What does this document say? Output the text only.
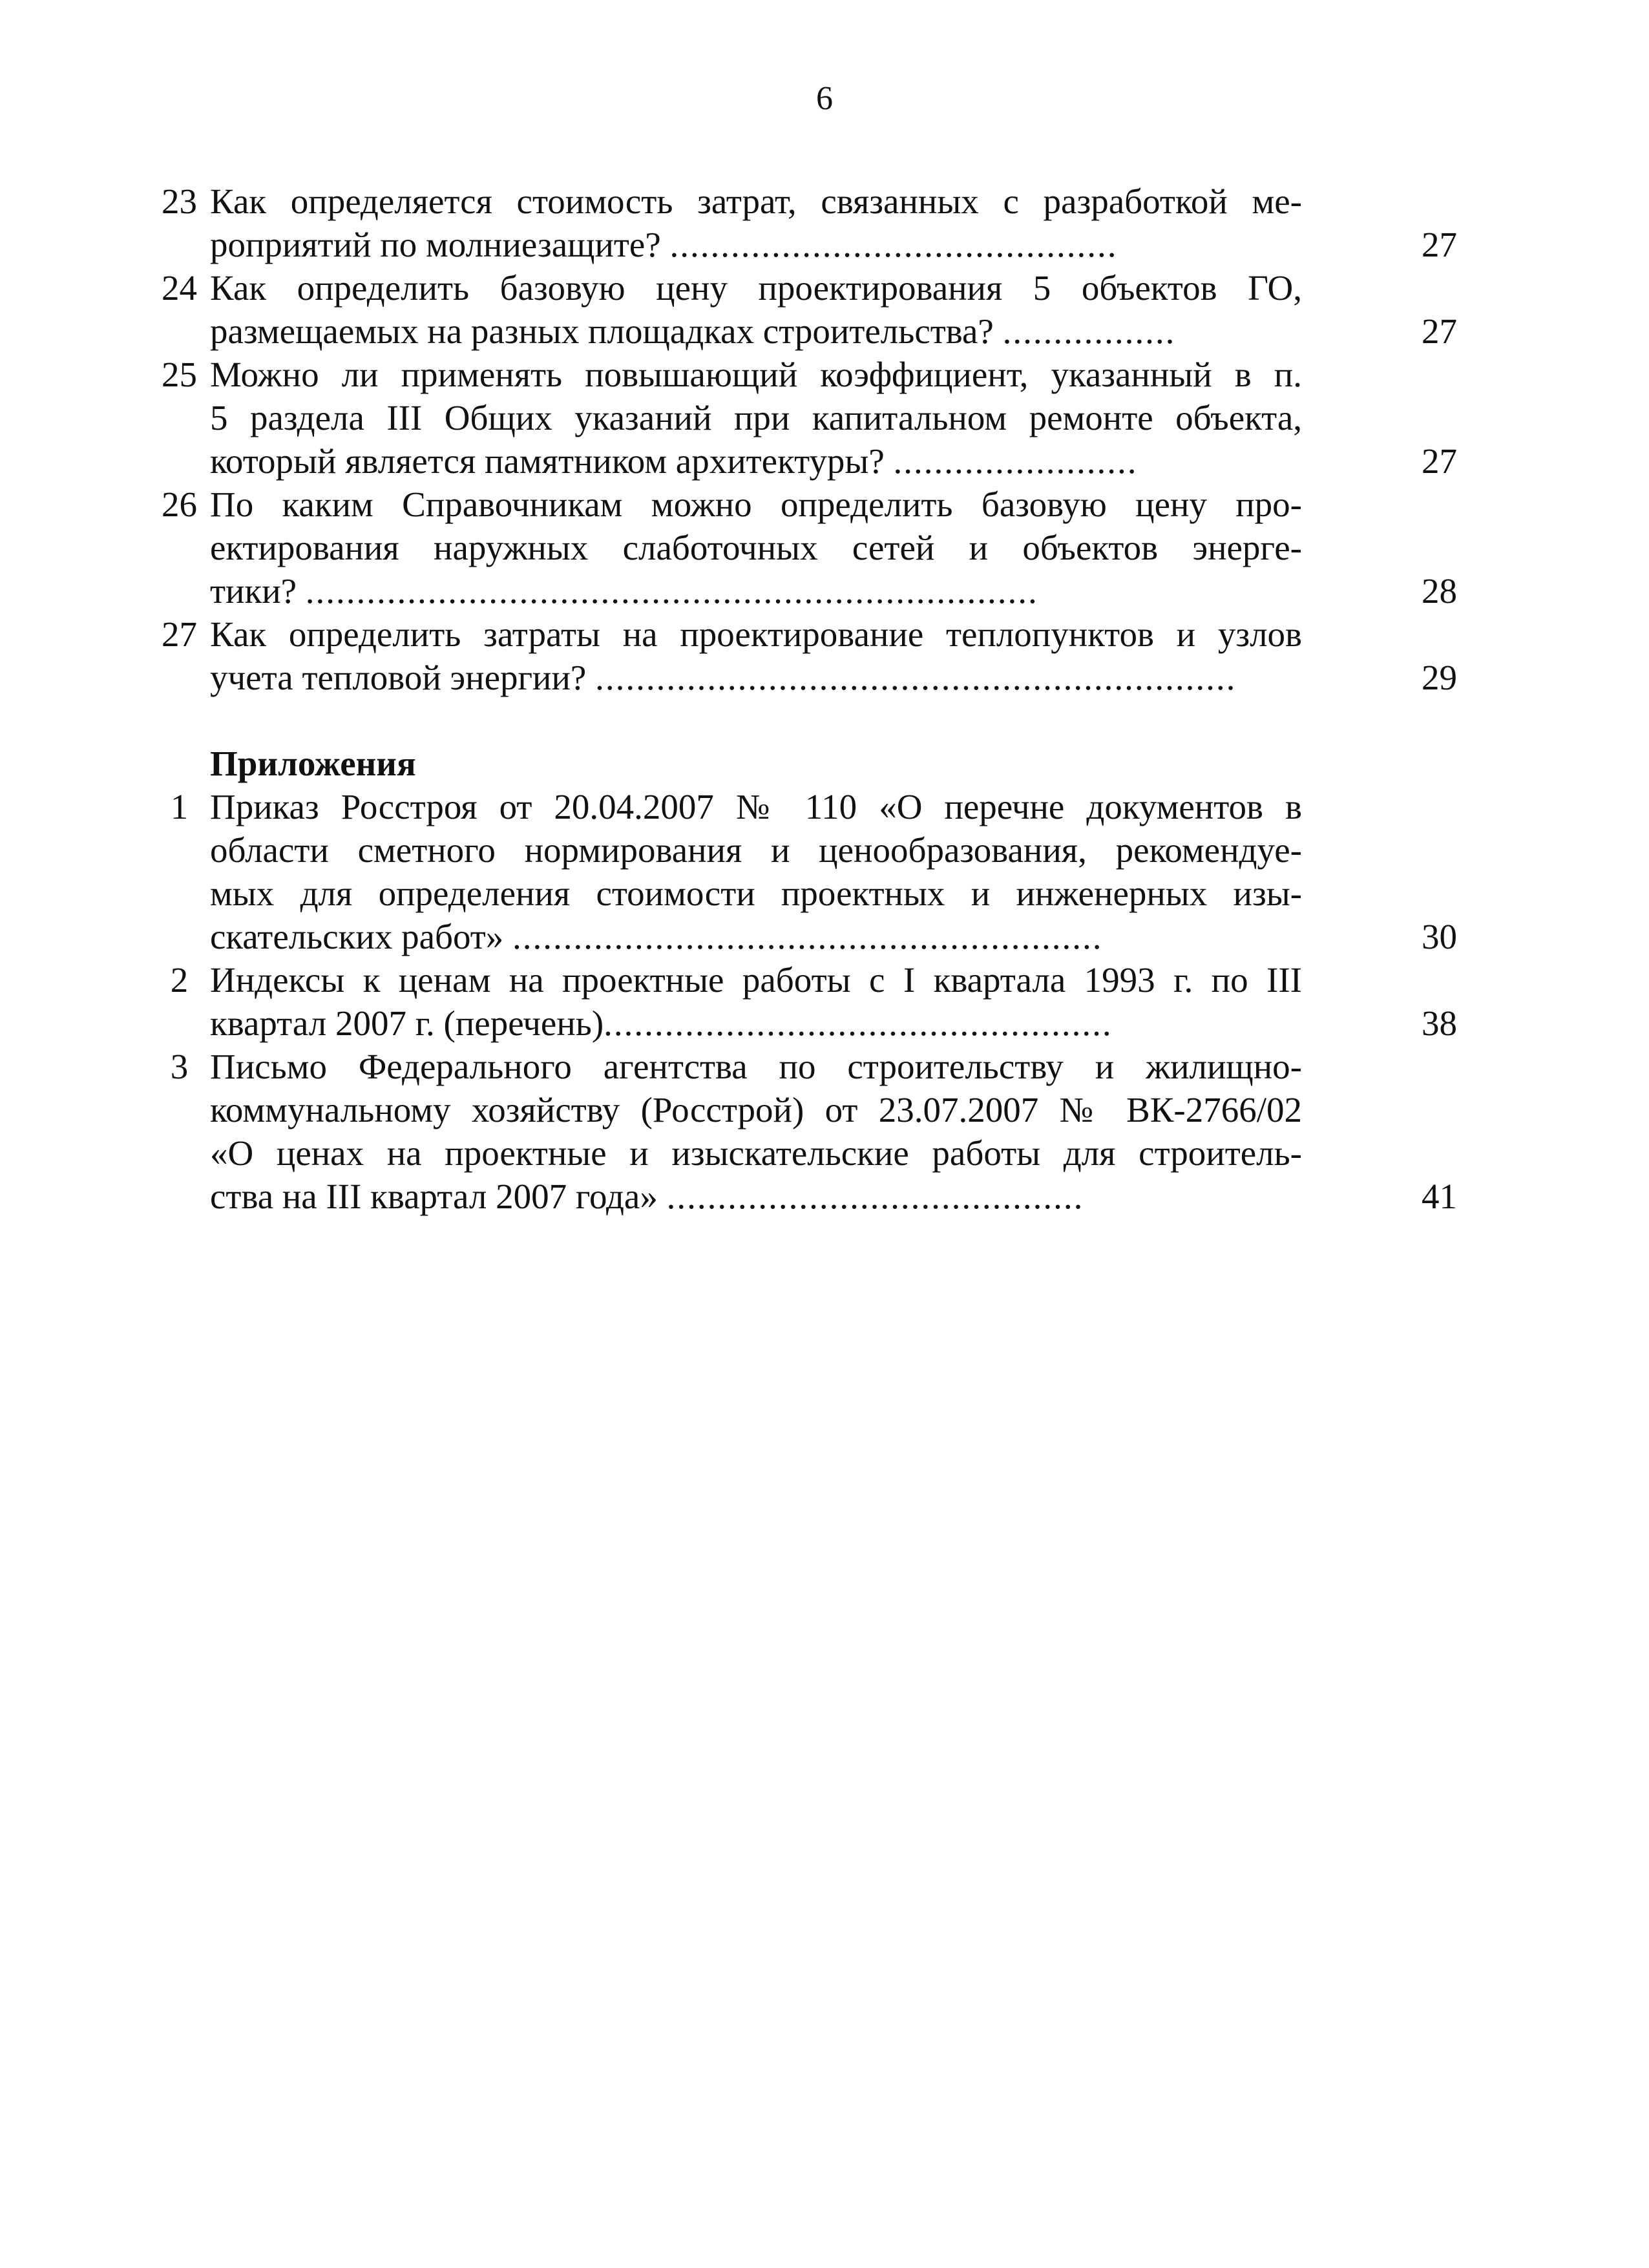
6
23 Как определяется стоимость затрат, связанных с разработкой ме-
роприятий по молниезащите? ............................................	27
24 Как определить базовую цену проектирования 5 объектов ГО,
размещаемых на разных площадках строительства? .................	27
25 Можно ли применять повышающий коэффициент, указанный в п.
5 раздела III Общих указаний при капитальном ремонте объекта,
который является памятником архитектуры? ........................	27
26 По каким Справочникам можно определить базовую цену про-
ектирования наружных слаботочных сетей и объектов энерге-
тики? ........................................................................	28
27 Как определить затраты на проектирование теплопунктов и узлов
учета тепловой энергии? ...............................................................	29
Приложения
1 Приказ Росстроя от 20.04.2007 № 110 «О перечне документов в
области сметного нормирования и ценообразования, рекомендуе-
мых для определения стоимости проектных и инженерных изы-
скательских работ» ..........................................................	30
2 Индексы к ценам на проектные работы с I квартала 1993 г. по III
квартал 2007 г. (перечень)..................................................	38
3 Письмо Федерального агентства по строительству и жилищно-
коммунальному хозяйству (Росстрой) от 23.07.2007 № ВК-2766/02
«О ценах на проектные и изыскательские работы для строитель-
ства на III квартал 2007 года» .........................................	41
